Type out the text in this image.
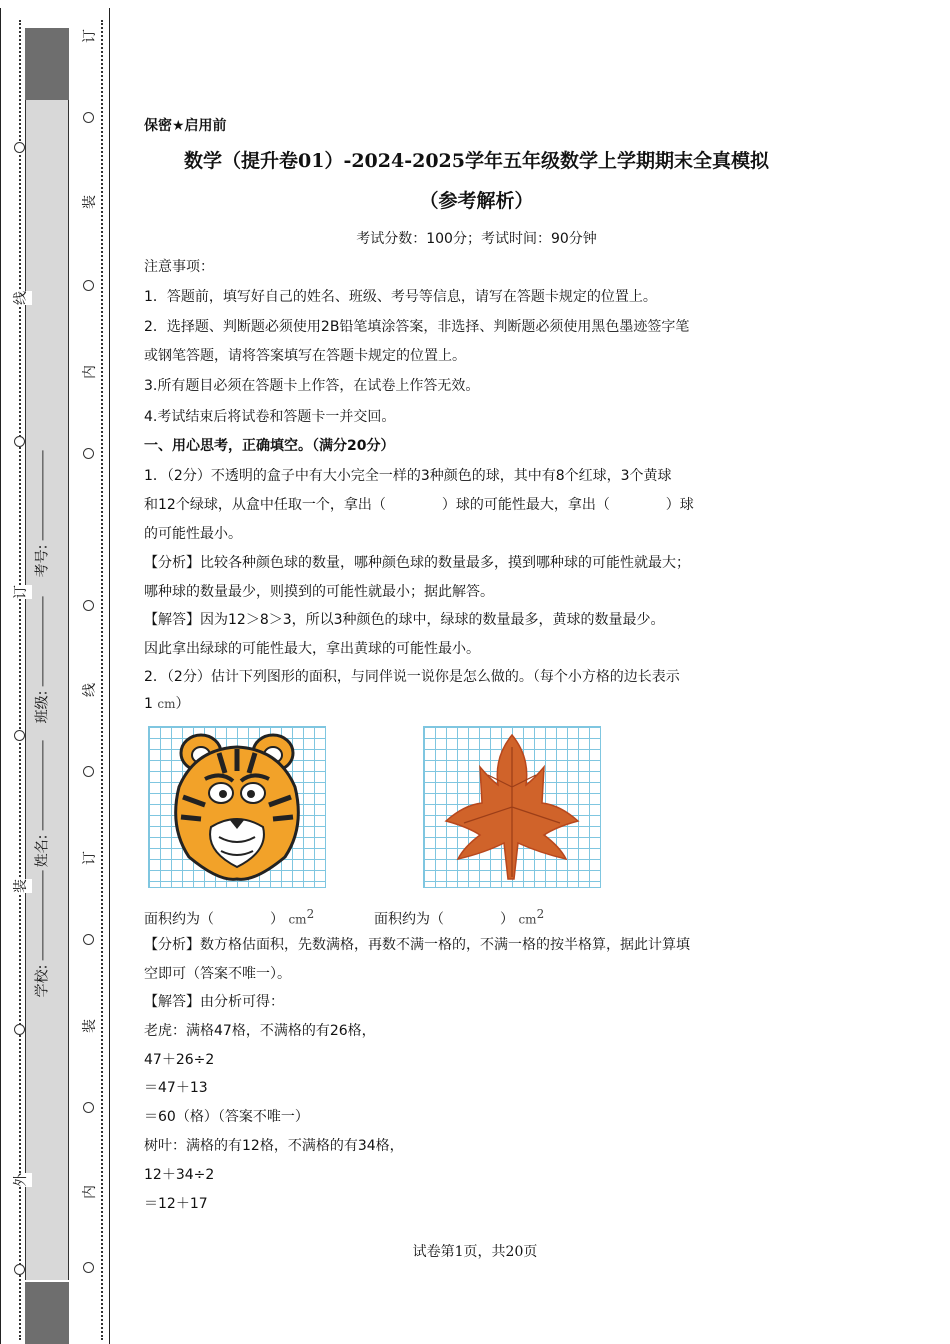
订
装
内
线
订
装
内
线
订
装
外
学校:
姓名:
班级:
考号:
保密★启用前
数学（提升卷01）-2024-2025学年五年级数学上学期期末全真模拟
（参考解析）
考试分数：100分；考试时间：90分钟
注意事项：
1．答题前，填写好自己的姓名、班级、考号等信息，请写在答题卡规定的位置上。
2．选择题、判断题必须使用2B铅笔填涂答案，非选择、判断题必须使用黑色墨迹签字笔
或钢笔答题，请将答案填写在答题卡规定的位置上。
3.所有题目必须在答题卡上作答，在试卷上作答无效。
4.考试结束后将试卷和答题卡一并交回。
一、用心思考，正确填空。（满分20分）
1．（2分）不透明的盒子中有大小完全一样的3种颜色的球，其中有8个红球，3个黄球
和12个绿球，从盒中任取一个，拿出（　　　　）球的可能性最大，拿出（　　　　）球
的可能性最小。
【分析】比较各种颜色球的数量，哪种颜色球的数量最多，摸到哪种球的可能性就最大；
哪种球的数量最少，则摸到的可能性就最小；据此解答。
【解答】因为12＞8＞3，所以3种颜色的球中，绿球的数量最多，黄球的数量最少。
因此拿出绿球的可能性最大，拿出黄球的可能性最小。
2．（2分）估计下列图形的面积，与同伴说一说你是怎么做的。（每个小方格的边长表示
1 cm）
面积约为（　　　　） cm2	面积约为（　　　　） cm2
【分析】数方格估面积，先数满格，再数不满一格的，不满一格的按半格算，据此计算填
空即可（答案不唯一）。
【解答】由分析可得：
老虎：满格47格，不满格的有26格，
47＋26÷2
＝47＋13
＝60（格）（答案不唯一）
树叶：满格的有12格，不满格的有34格，
12＋34÷2
＝12＋17
试卷第1页，共20页
